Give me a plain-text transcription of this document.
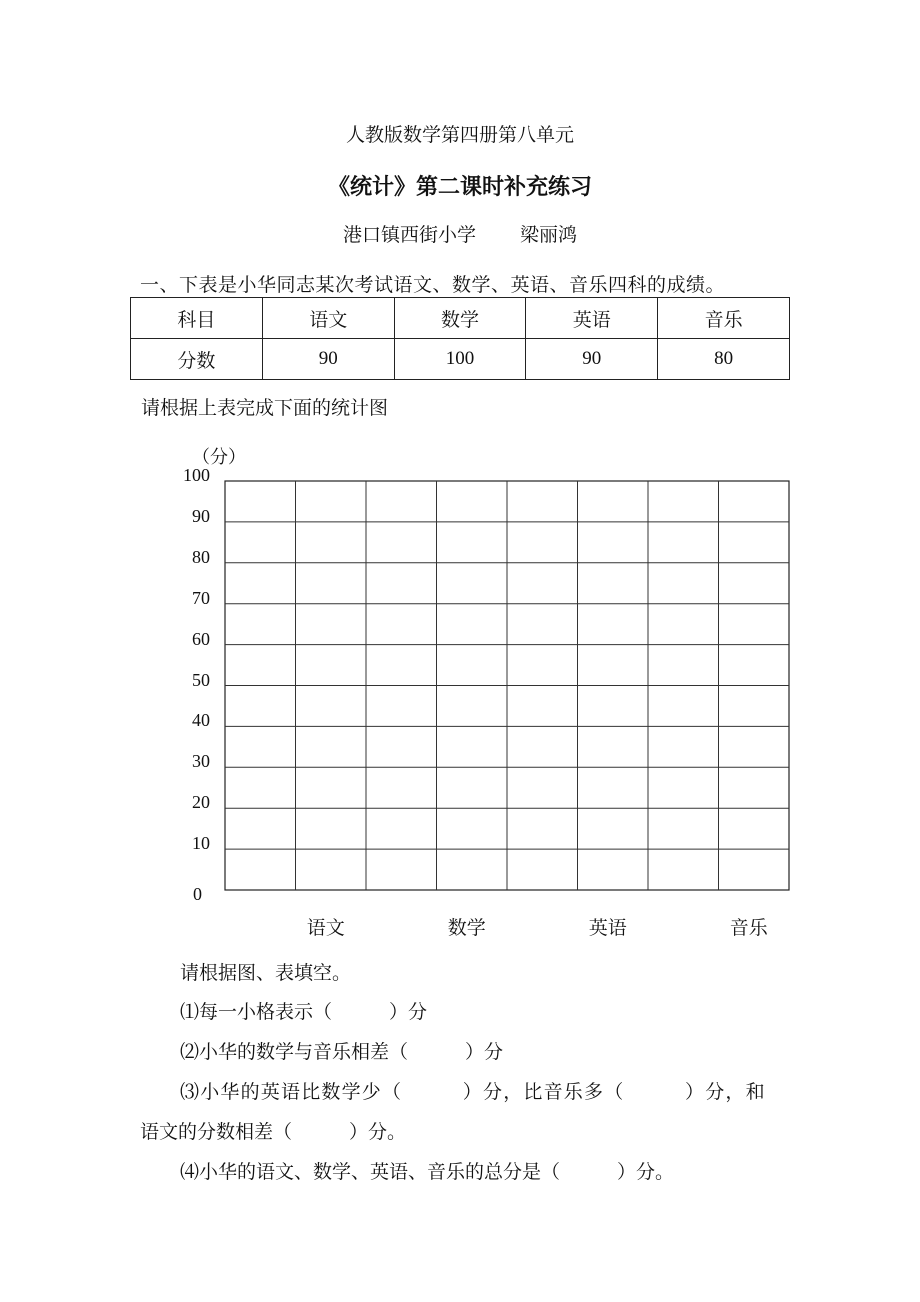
人教版数学第四册第八单元
《统计》第二课时补充练习
港口镇西街小学 梁丽鸿
一、下表是小华同志某次考试语文、数学、英语、音乐四科的成绩。
科目	语文	数学	英语	音乐
分数	90	100	90	80
请根据上表完成下面的统计图
（分）
100
90
80
70
60
50
40
30
20
10
0
语文	数学	英语	音乐
请根据图、表填空。
⑴每一小格表示（　　　）分
⑵小华的数学与音乐相差（　　　）分
⑶小华的英语比数学少（　　　）分，比音乐多（　　　）分，和
语文的分数相差（　　　）分。
⑷小华的语文、数学、英语、音乐的总分是（　　　）分。
